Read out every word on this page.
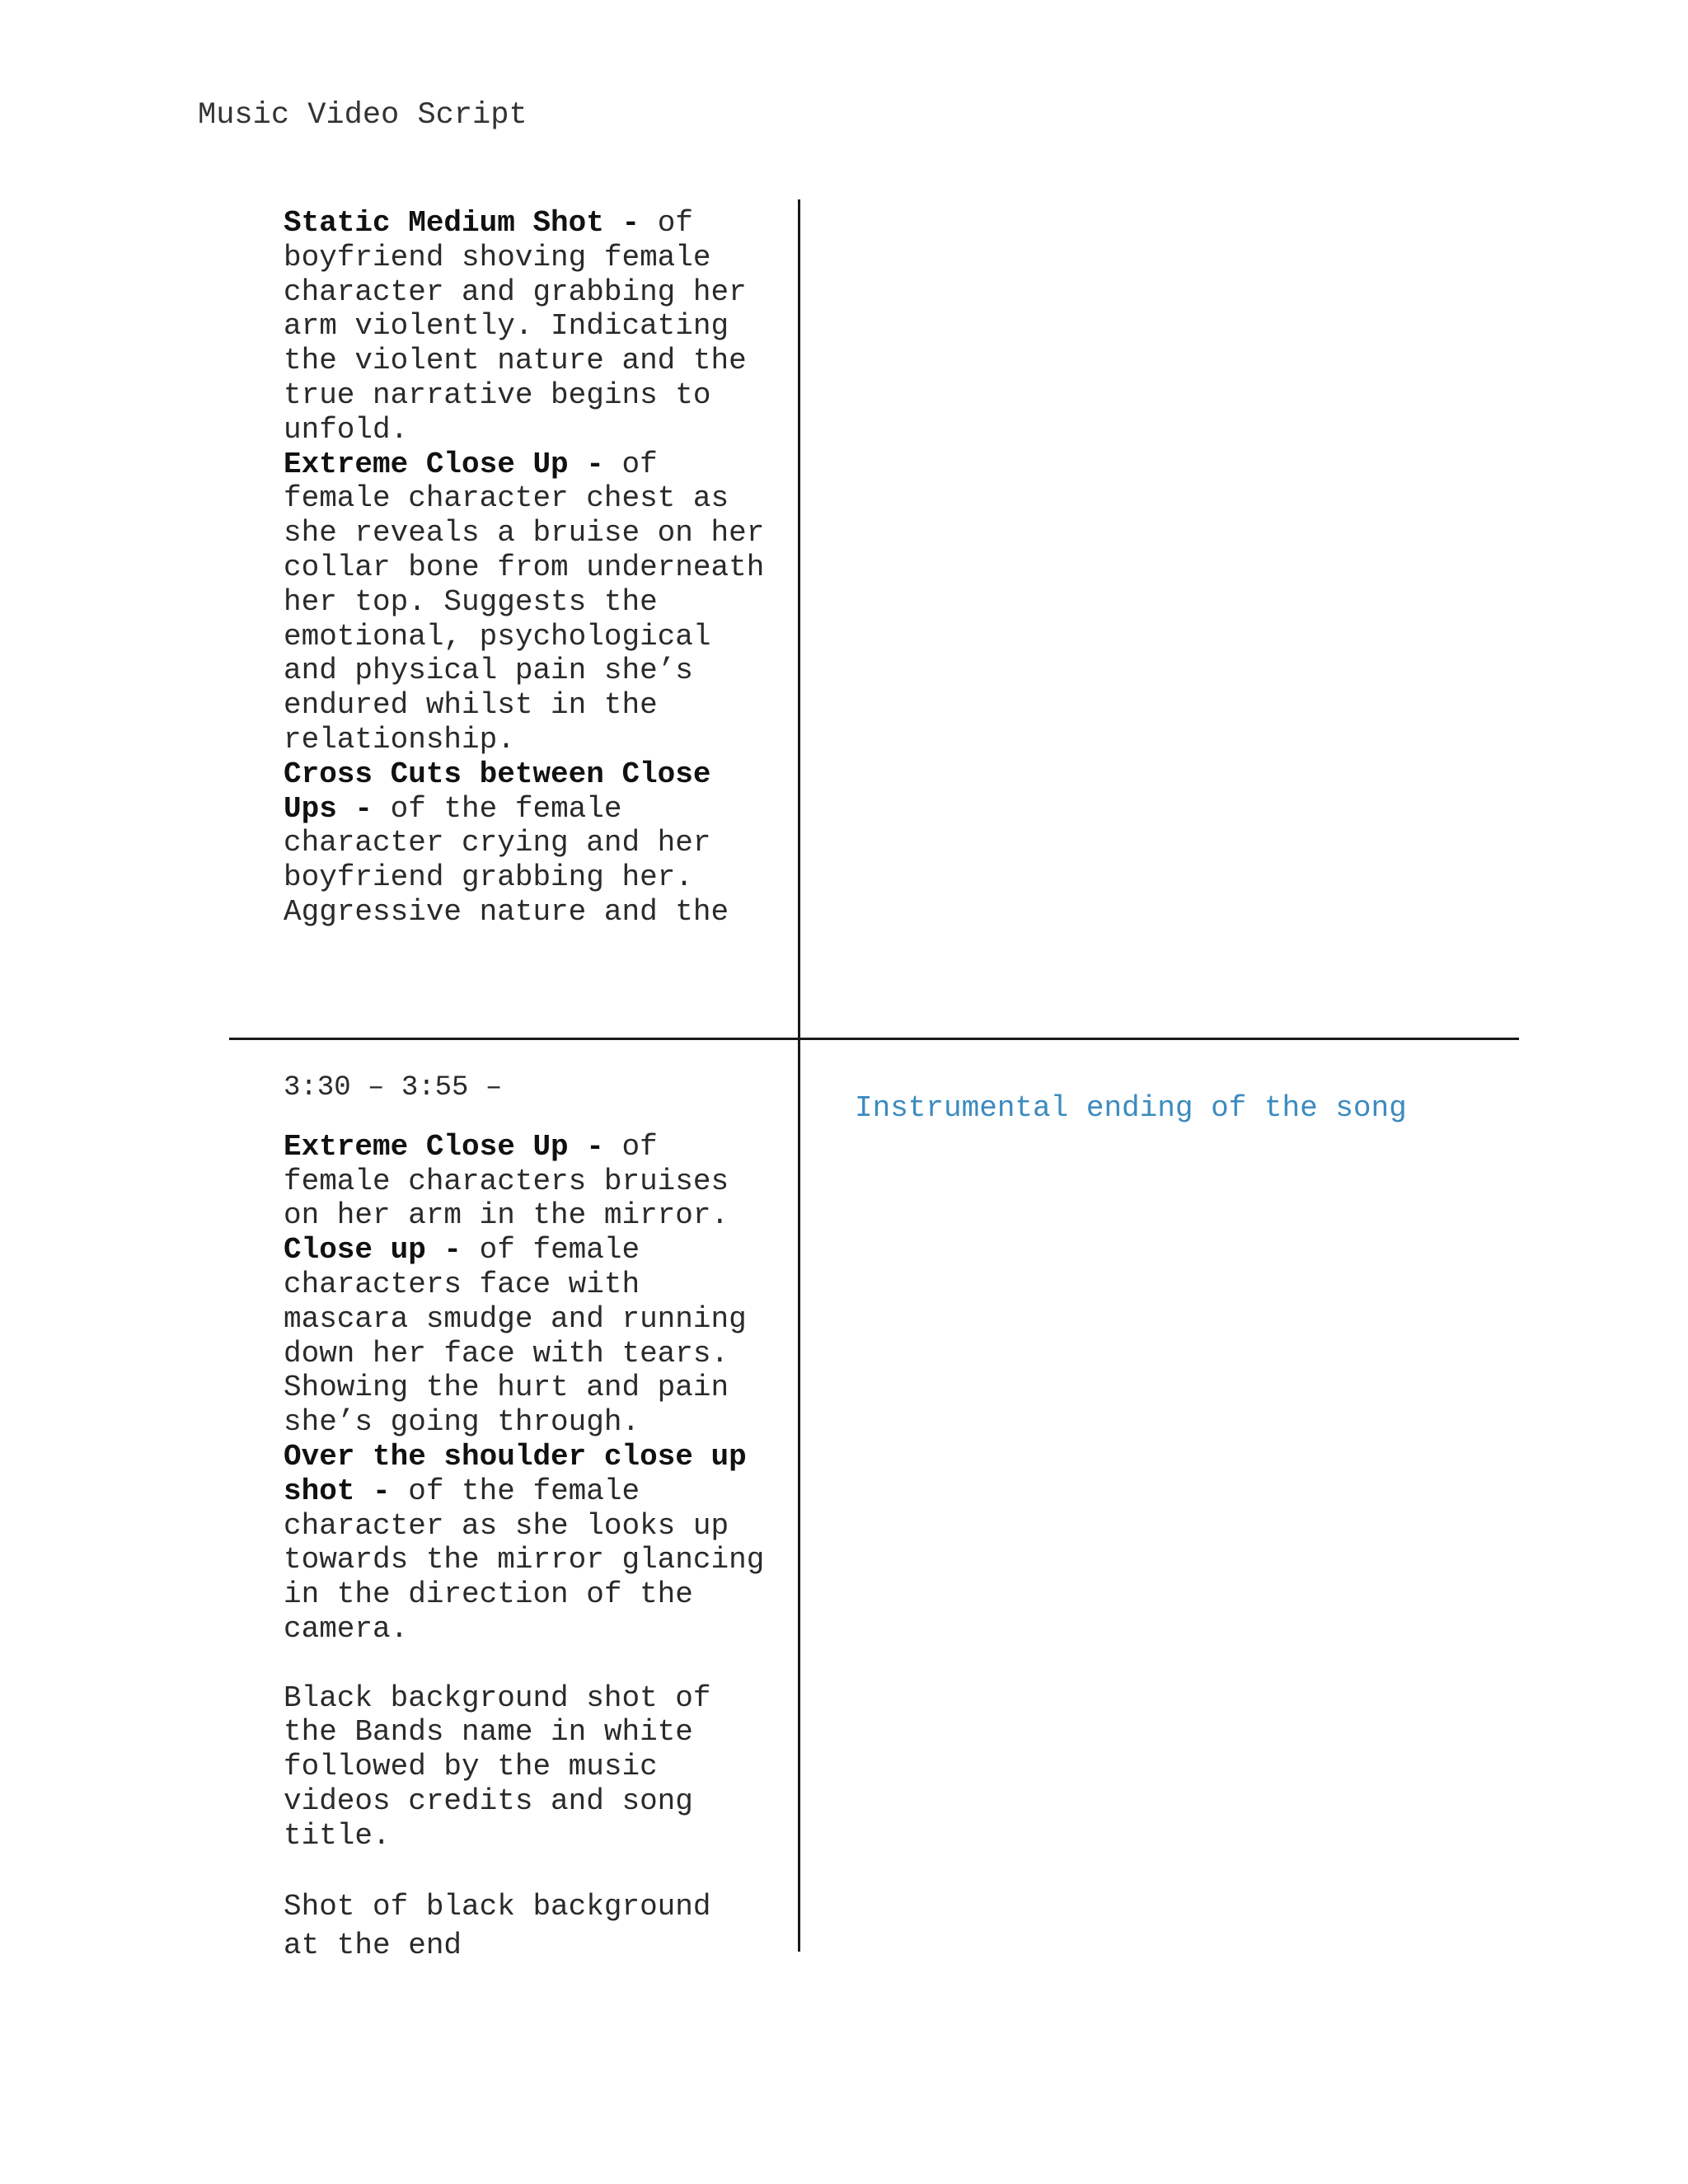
Music Video Script

Static Medium Shot - of boyfriend shoving female character and grabbing her arm violently. Indicating the violent nature and the true narrative begins to unfold.

Extreme Close Up - of female character chest as she reveals a bruise on her collar bone from underneath her top. Suggests the emotional, psychological and physical pain she’s endured whilst in the relationship.

Cross Cuts between Close Ups - of the female character crying and her boyfriend grabbing her. Aggressive nature and the

3:30 – 3:55 –

Extreme Close Up - of female characters bruises on her arm in the mirror.

Close up - of female characters face with mascara smudge and running down her face with tears. Showing the hurt and pain she’s going through.

Over the shoulder close up shot - of the female character as she looks up towards the mirror glancing in the direction of the camera.

Black background shot of the Bands name in white followed by the music videos credits and song title.

Shot of black background

at the end

Instrumental ending of the song
